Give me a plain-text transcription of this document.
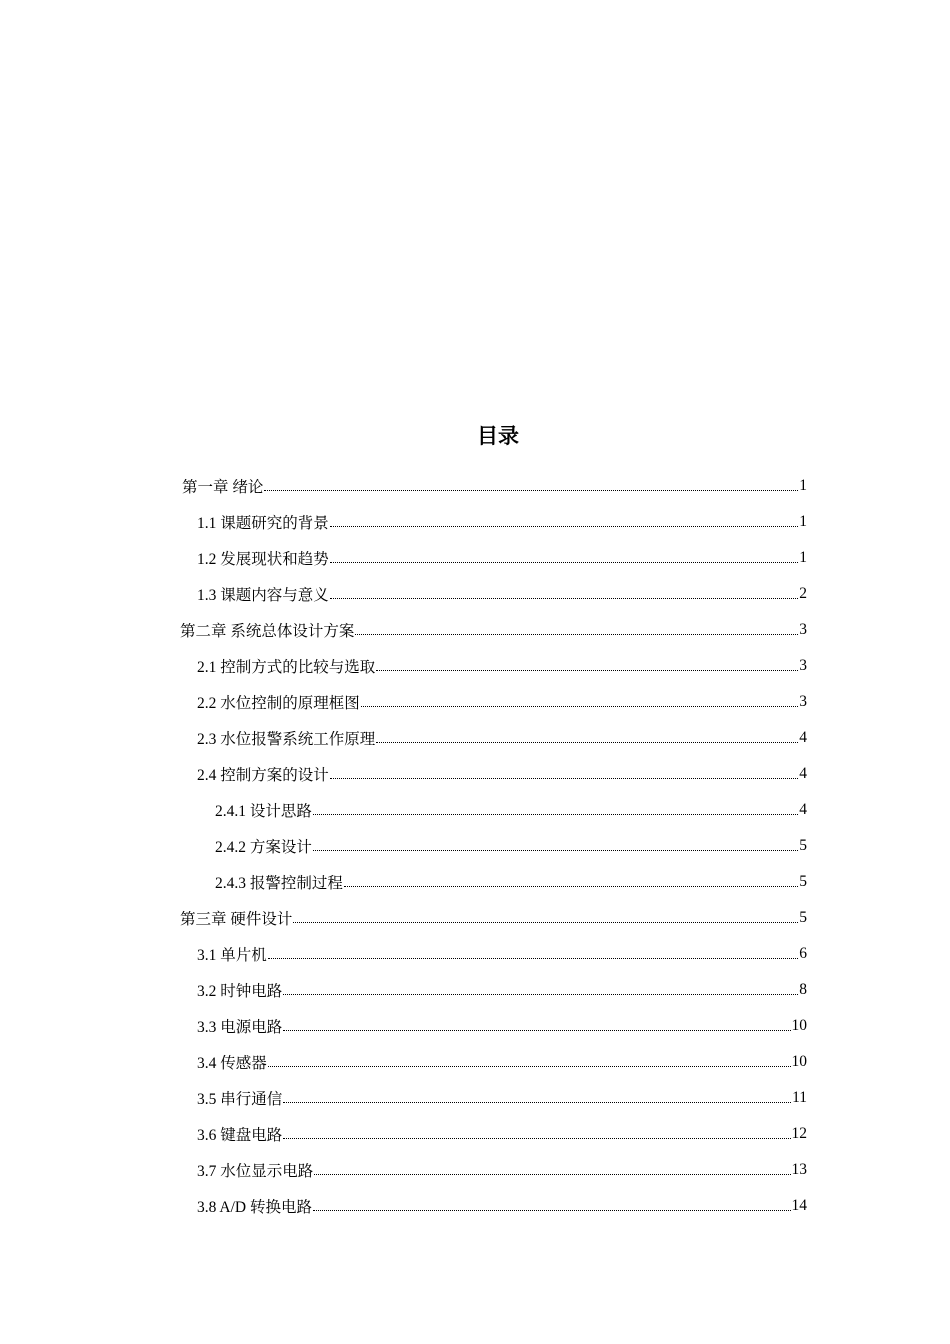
目录
第一章 绪论	1
1.1 课题研究的背景	1
1.2 发展现状和趋势	1
1.3 课题内容与意义	2
第二章 系统总体设计方案	3
2.1 控制方式的比较与选取	3
2.2 水位控制的原理框图	3
2.3 水位报警系统工作原理	4
2.4 控制方案的设计	4
2.4.1 设计思路	4
2.4.2 方案设计	5
2.4.3 报警控制过程	5
第三章 硬件设计	5
3.1 单片机	6
3.2 时钟电路	8
3.3 电源电路	10
3.4 传感器	10
3.5 串行通信	11
3.6 键盘电路	12
3.7 水位显示电路	13
3.8 A/D 转换电路	14
